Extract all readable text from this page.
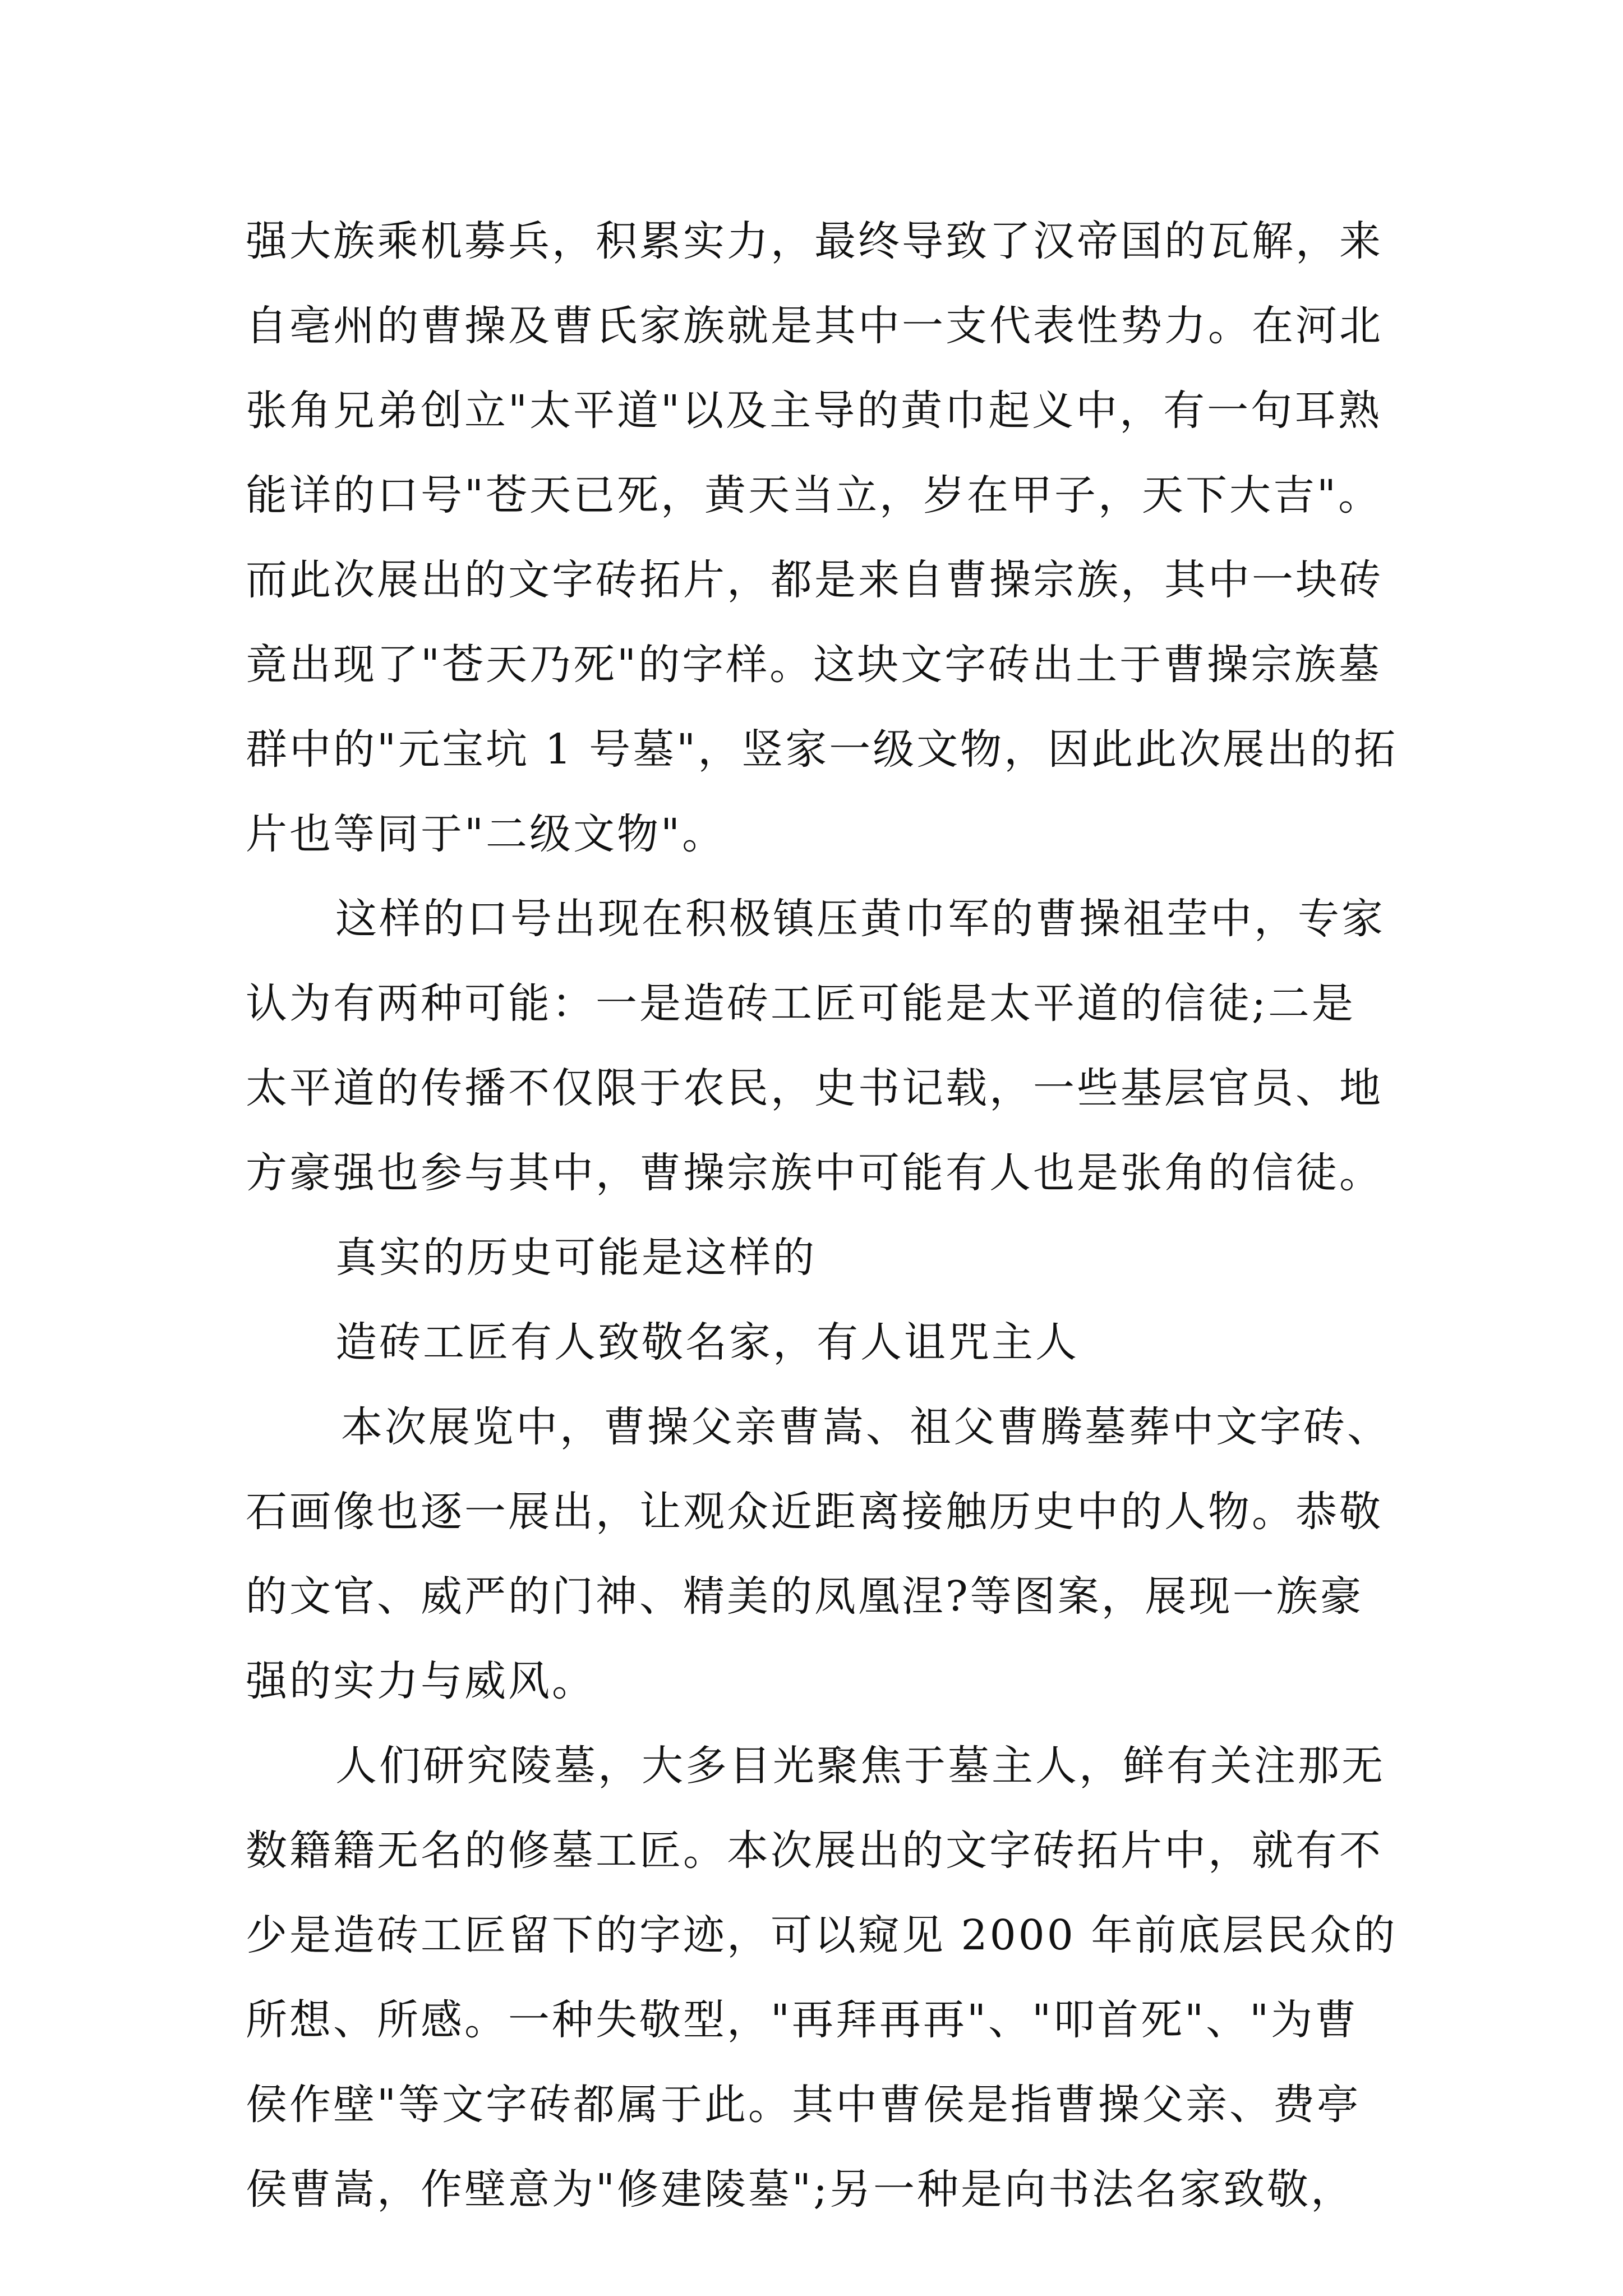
强大族乘机募兵，积累实力，最终导致了汉帝国的瓦解，来
自亳州的曹操及曹氏家族就是其中一支代表性势力。在河北
张角兄弟创立"太平道"以及主导的黄巾起义中，有一句耳熟
能详的口号"苍天已死，黄天当立，岁在甲子，天下大吉"。
而此次展出的文字砖拓片，都是来自曹操宗族，其中一块砖
竟出现了"苍天乃死"的字样。这块文字砖出土于曹操宗族墓
群中的"元宝坑 1 号墓"，竖家一级文物，因此此次展出的拓
片也等同于"二级文物"。
这样的口号出现在积极镇压黄巾军的曹操祖茔中，专家
认为有两种可能：一是造砖工匠可能是太平道的信徒;二是
太平道的传播不仅限于农民，史书记载，一些基层官员、地
方豪强也参与其中，曹操宗族中可能有人也是张角的信徒。
真实的历史可能是这样的
造砖工匠有人致敬名家，有人诅咒主人
本次展览中，曹操父亲曹嵩、祖父曹腾墓葬中文字砖、
石画像也逐一展出，让观众近距离接触历史中的人物。恭敬
的文官、威严的门神、精美的凤凰涅?等图案，展现一族豪
强的实力与威风。
人们研究陵墓，大多目光聚焦于墓主人，鲜有关注那无
数籍籍无名的修墓工匠。本次展出的文字砖拓片中，就有不
少是造砖工匠留下的字迹，可以窥见 2000 年前底层民众的
所想、所感。一种失敬型，"再拜再再"、"叩首死"、"为曹
侯作壁"等文字砖都属于此。其中曹侯是指曹操父亲、费亭
侯曹嵩，作壁意为"修建陵墓";另一种是向书法名家致敬，
